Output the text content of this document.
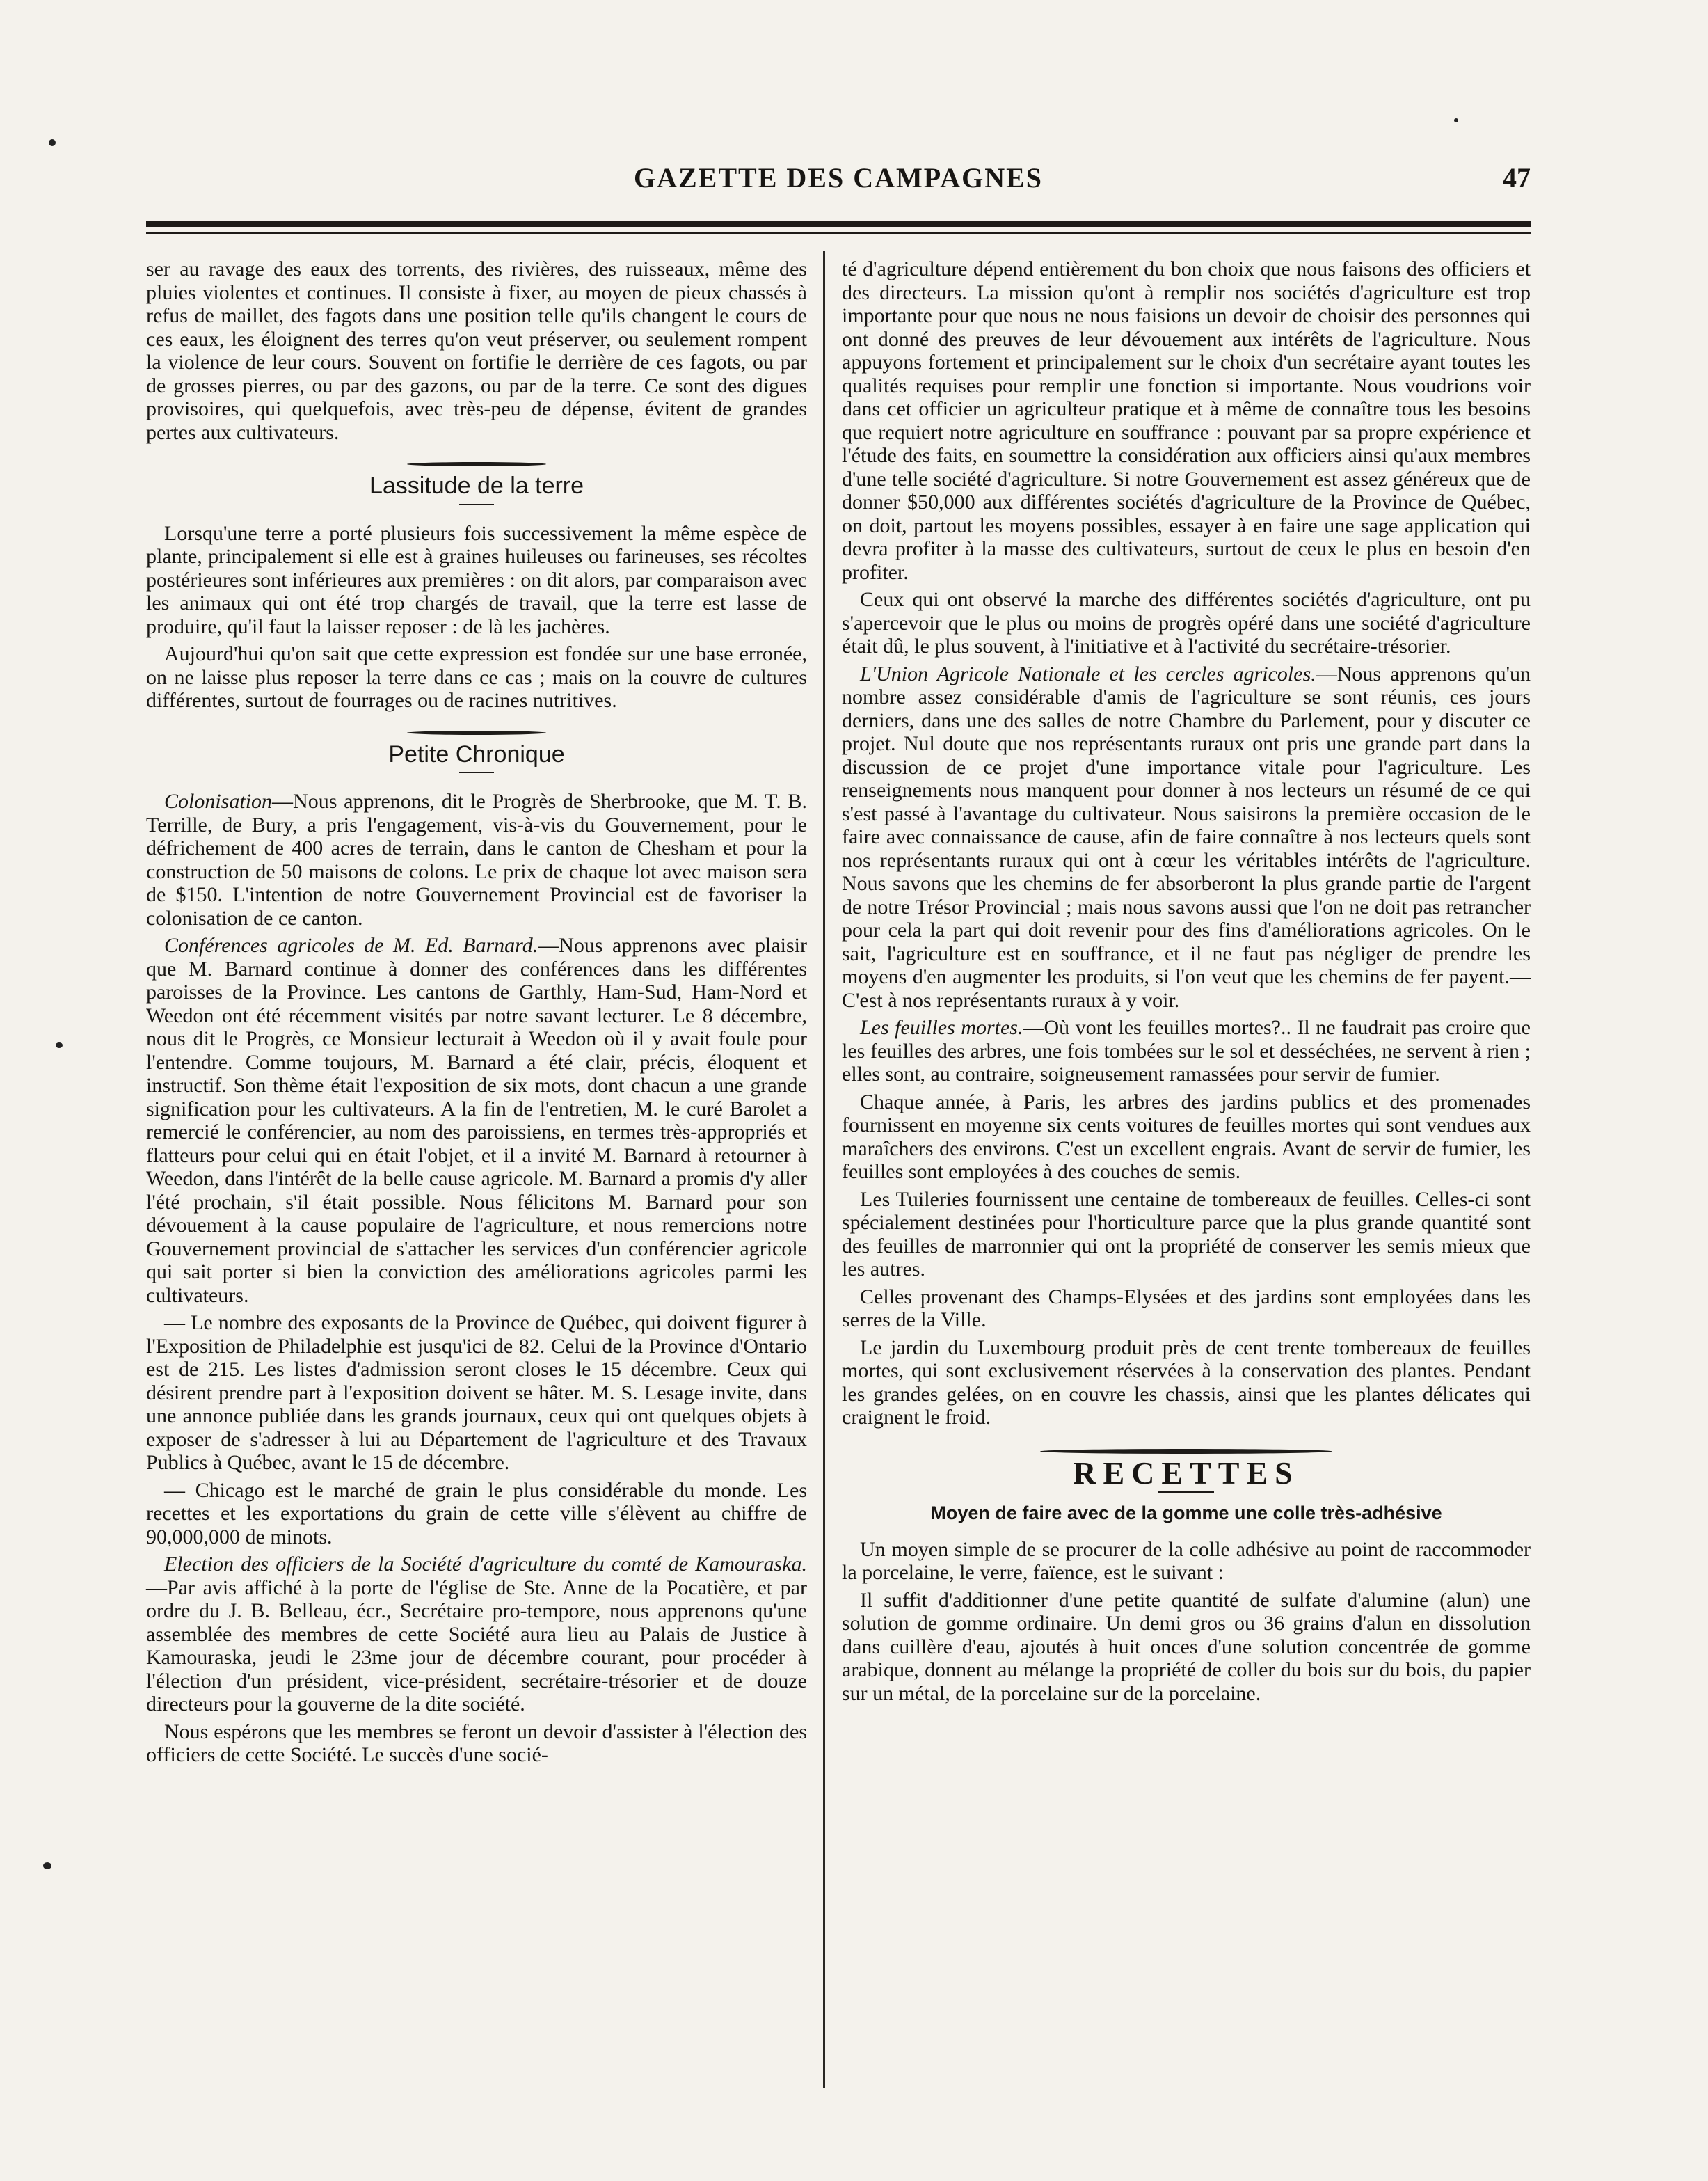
GAZETTE DES CAMPAGNES	47

ser au ravage des eaux des torrents, des rivières, des ruisseaux, même des pluies violentes et continues. Il consiste à fixer, au moyen de pieux chassés à refus de maillet, des fagots dans une position telle qu'ils changent le cours de ces eaux, les éloignent des terres qu'on veut préserver, ou seulement rompent la violence de leur cours. Souvent on fortifie le derrière de ces fagots, ou par de grosses pierres, ou par des gazons, ou par de la terre. Ce sont des digues provisoires, qui quelquefois, avec très-peu de dépense, évitent de grandes pertes aux cultivateurs.

Lassitude de la terre

Lorsqu'une terre a porté plusieurs fois successivement la même espèce de plante, principalement si elle est à graines huileuses ou farineuses, ses récoltes postérieures sont inférieures aux premières : on dit alors, par comparaison avec les animaux qui ont été trop chargés de travail, que la terre est lasse de produire, qu'il faut la laisser reposer : de là les jachères.

Aujourd'hui qu'on sait que cette expression est fondée sur une base erronée, on ne laisse plus reposer la terre dans ce cas ; mais on la couvre de cultures différentes, surtout de fourrages ou de racines nutritives.

Petite Chronique

Colonisation—Nous apprenons, dit le Progrès de Sherbrooke, que M. T. B. Terrille, de Bury, a pris l'engagement, vis-à-vis du Gouvernement, pour le défrichement de 400 acres de terrain, dans le canton de Chesham et pour la construction de 50 maisons de colons. Le prix de chaque lot avec maison sera de $150. L'intention de notre Gouvernement Provincial est de favoriser la colonisation de ce canton.

Conférences agricoles de M. Ed. Barnard.—Nous apprenons avec plaisir que M. Barnard continue à donner des conférences dans les différentes paroisses de la Province. Les cantons de Garthly, Ham-Sud, Ham-Nord et Weedon ont été récemment visités par notre savant lecturer. Le 8 décembre, nous dit le Progrès, ce Monsieur lecturait à Weedon où il y avait foule pour l'entendre. Comme toujours, M. Barnard a été clair, précis, éloquent et instructif. Son thème était l'exposition de six mots, dont chacun a une grande signification pour les cultivateurs. A la fin de l'entretien, M. le curé Barolet a remercié le conférencier, au nom des paroissiens, en termes très-appropriés et flatteurs pour celui qui en était l'objet, et il a invité M. Barnard à retourner à Weedon, dans l'intérêt de la belle cause agricole. M. Barnard a promis d'y aller l'été prochain, s'il était possible. Nous félicitons M. Barnard pour son dévouement à la cause populaire de l'agriculture, et nous remercions notre Gouvernement provincial de s'attacher les services d'un conférencier agricole qui sait porter si bien la conviction des améliorations agricoles parmi les cultivateurs.

— Le nombre des exposants de la Province de Québec, qui doivent figurer à l'Exposition de Philadelphie est jusqu'ici de 82. Celui de la Province d'Ontario est de 215. Les listes d'admission seront closes le 15 décembre. Ceux qui désirent prendre part à l'exposition doivent se hâter. M. S. Lesage invite, dans une annonce publiée dans les grands journaux, ceux qui ont quelques objets à exposer de s'adresser à lui au Département de l'agriculture et des Travaux Publics à Québec, avant le 15 de décembre.

— Chicago est le marché de grain le plus considérable du monde. Les recettes et les exportations du grain de cette ville s'élèvent au chiffre de 90,000,000 de minots.

Election des officiers de la Société d'agriculture du comté de Kamouraska.—Par avis affiché à la porte de l'église de Ste. Anne de la Pocatière, et par ordre du J. B. Belleau, écr., Secrétaire pro-tempore, nous apprenons qu'une assemblée des membres de cette Société aura lieu au Palais de Justice à Kamouraska, jeudi le 23me jour de décembre courant, pour procéder à l'élection d'un président, vice-président, secrétaire-trésorier et de douze directeurs pour la gouverne de la dite société.

Nous espérons que les membres se feront un devoir d'assister à l'élection des officiers de cette Société. Le succès d'une socié-

té d'agriculture dépend entièrement du bon choix que nous faisons des officiers et des directeurs. La mission qu'ont à remplir nos sociétés d'agriculture est trop importante pour que nous ne nous faisions un devoir de choisir des personnes qui ont donné des preuves de leur dévouement aux intérêts de l'agriculture. Nous appuyons fortement et principalement sur le choix d'un secrétaire ayant toutes les qualités requises pour remplir une fonction si importante. Nous voudrions voir dans cet officier un agriculteur pratique et à même de connaître tous les besoins que requiert notre agriculture en souffrance : pouvant par sa propre expérience et l'étude des faits, en soumettre la considération aux officiers ainsi qu'aux membres d'une telle société d'agriculture. Si notre Gouvernement est assez généreux que de donner $50,000 aux différentes sociétés d'agriculture de la Province de Québec, on doit, partout les moyens possibles, essayer à en faire une sage application qui devra profiter à la masse des cultivateurs, surtout de ceux le plus en besoin d'en profiter.

Ceux qui ont observé la marche des différentes sociétés d'agriculture, ont pu s'apercevoir que le plus ou moins de progrès opéré dans une société d'agriculture était dû, le plus souvent, à l'initiative et à l'activité du secrétaire-trésorier.

L'Union Agricole Nationale et les cercles agricoles.—Nous apprenons qu'un nombre assez considérable d'amis de l'agriculture se sont réunis, ces jours derniers, dans une des salles de notre Chambre du Parlement, pour y discuter ce projet. Nul doute que nos représentants ruraux ont pris une grande part dans la discussion de ce projet d'une importance vitale pour l'agriculture. Les renseignements nous manquent pour donner à nos lecteurs un résumé de ce qui s'est passé à l'avantage du cultivateur. Nous saisirons la première occasion de le faire avec connaissance de cause, afin de faire connaître à nos lecteurs quels sont nos représentants ruraux qui ont à cœur les véritables intérêts de l'agriculture. Nous savons que les chemins de fer absorberont la plus grande partie de l'argent de notre Trésor Provincial ; mais nous savons aussi que l'on ne doit pas retrancher pour cela la part qui doit revenir pour des fins d'améliorations agricoles. On le sait, l'agriculture est en souffrance, et il ne faut pas négliger de prendre les moyens d'en augmenter les produits, si l'on veut que les chemins de fer payent.—C'est à nos représentants ruraux à y voir.

Les feuilles mortes.—Où vont les feuilles mortes?.. Il ne faudrait pas croire que les feuilles des arbres, une fois tombées sur le sol et desséchées, ne servent à rien ; elles sont, au contraire, soigneusement ramassées pour servir de fumier.

Chaque année, à Paris, les arbres des jardins publics et des promenades fournissent en moyenne six cents voitures de feuilles mortes qui sont vendues aux maraîchers des environs. C'est un excellent engrais. Avant de servir de fumier, les feuilles sont employées à des couches de semis.

Les Tuileries fournissent une centaine de tombereaux de feuilles. Celles-ci sont spécialement destinées pour l'horticulture parce que la plus grande quantité sont des feuilles de marronnier qui ont la propriété de conserver les semis mieux que les autres.

Celles provenant des Champs-Elysées et des jardins sont employées dans les serres de la Ville.

Le jardin du Luxembourg produit près de cent trente tombereaux de feuilles mortes, qui sont exclusivement réservées à la conservation des plantes. Pendant les grandes gelées, on en couvre les chassis, ainsi que les plantes délicates qui craignent le froid.

RECETTES
Moyen de faire avec de la gomme une colle très-adhésive

Un moyen simple de se procurer de la colle adhésive au point de raccommoder la porcelaine, le verre, faïence, est le suivant :

Il suffit d'additionner d'une petite quantité de sulfate d'alumine (alun) une solution de gomme ordinaire. Un demi gros ou 36 grains d'alun en dissolution dans cuillère d'eau, ajoutés à huit onces d'une solution concentrée de gomme arabique, donnent au mélange la propriété de coller du bois sur du bois, du papier sur un métal, de la porcelaine sur de la porcelaine.
